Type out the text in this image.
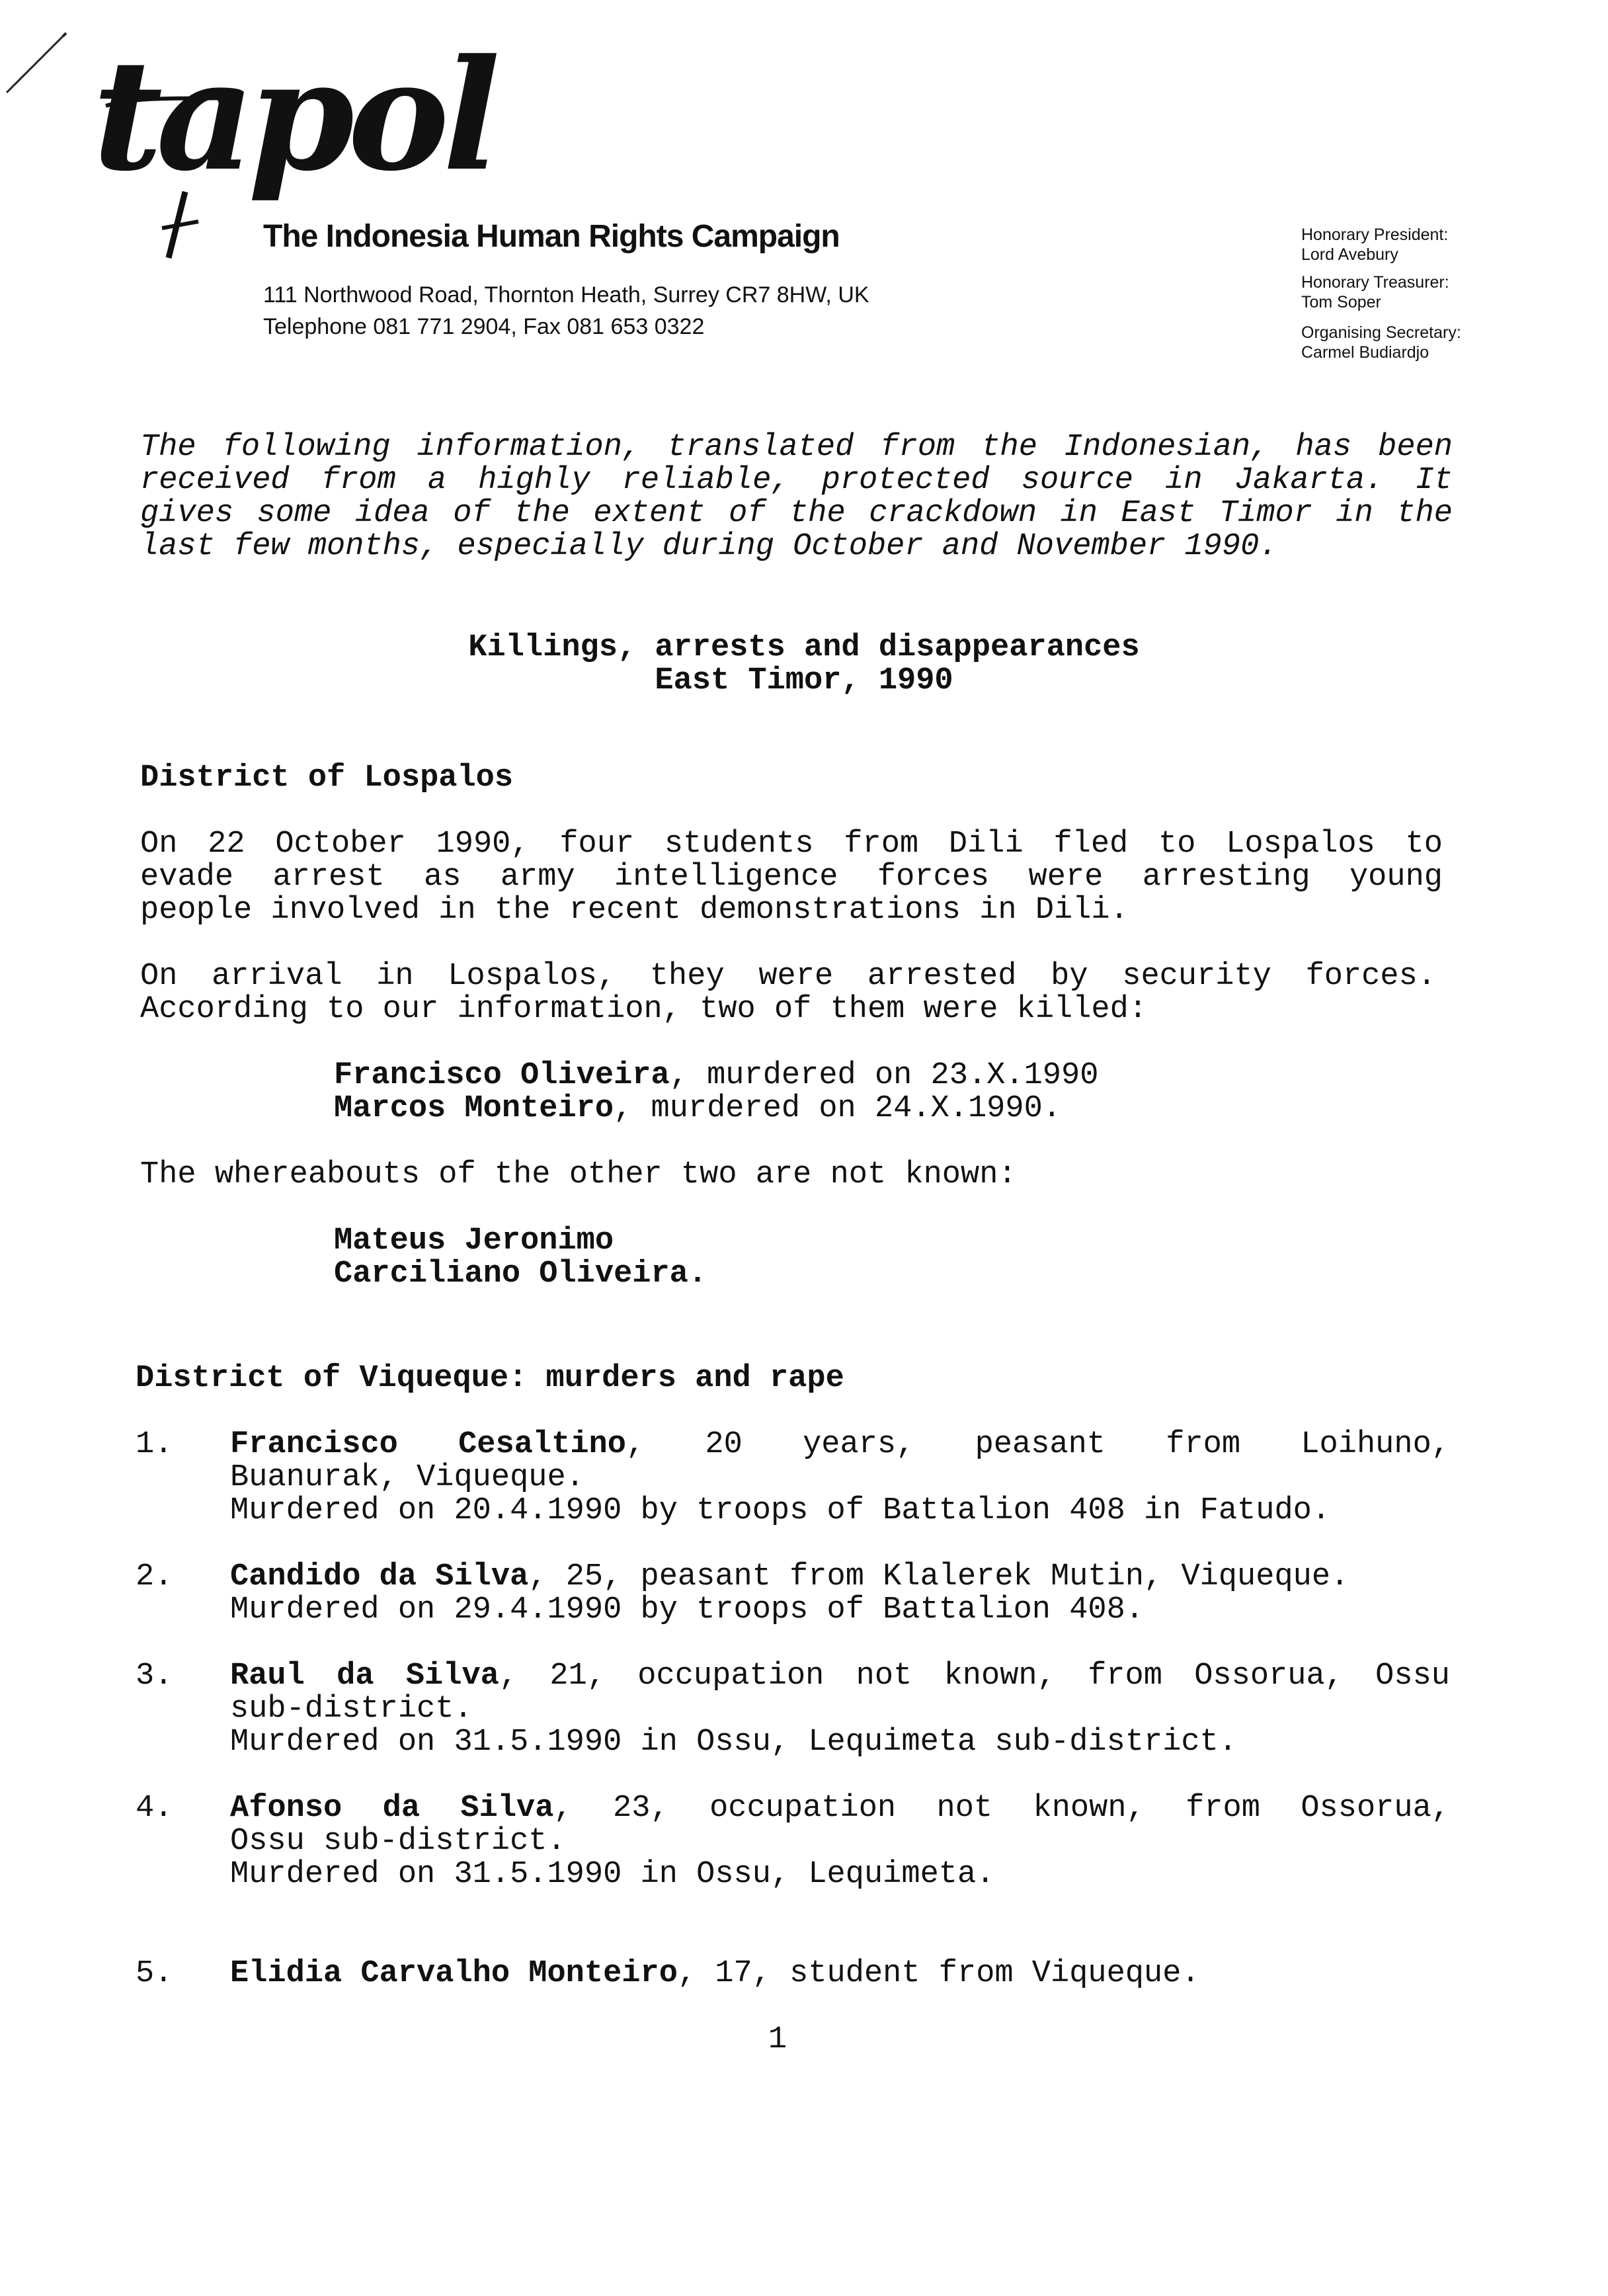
tapol
The Indonesia Human Rights Campaign
111 Northwood Road, Thornton Heath, Surrey CR7 8HW, UK
Telephone 081 771 2904, Fax 081 653 0322
Honorary President:
Lord Avebury
Honorary Treasurer:
Tom Soper
Organising Secretary:
Carmel Budiardjo
The following information, translated from the Indonesian, has been
received from a highly reliable, protected source in Jakarta. It
gives some idea of the extent of the crackdown in East Timor in the
last few months, especially during October and November 1990.
Killings, arrests and disappearances
East Timor, 1990
District of Lospalos
On 22 October 1990, four students from Dili fled to Lospalos to
evade arrest as army intelligence forces were arresting young
people involved in the recent demonstrations in Dili.
On arrival in Lospalos, they were arrested by security forces.
According to our information, two of them were killed:
Francisco Oliveira, murdered on 23.X.1990
Marcos Monteiro, murdered on 24.X.1990.
The whereabouts of the other two are not known:
Mateus Jeronimo
Carciliano Oliveira.
District of Viqueque: murders and rape
1.	Francisco Cesaltino, 20 years, peasant from Loihuno,
Buanurak, Viqueque.
Murdered on 20.4.1990 by troops of Battalion 408 in Fatudo.
2.	Candido da Silva, 25, peasant from Klalerek Mutin, Viqueque.
Murdered on 29.4.1990 by troops of Battalion 408.
3.	Raul da Silva, 21, occupation not known, from Ossorua, Ossu
sub-district.
Murdered on 31.5.1990 in Ossu, Lequimeta sub-district.
4.	Afonso da Silva, 23, occupation not known, from Ossorua,
Ossu sub-district.
Murdered on 31.5.1990 in Ossu, Lequimeta.
5.	Elidia Carvalho Monteiro, 17, student from Viqueque.
1
